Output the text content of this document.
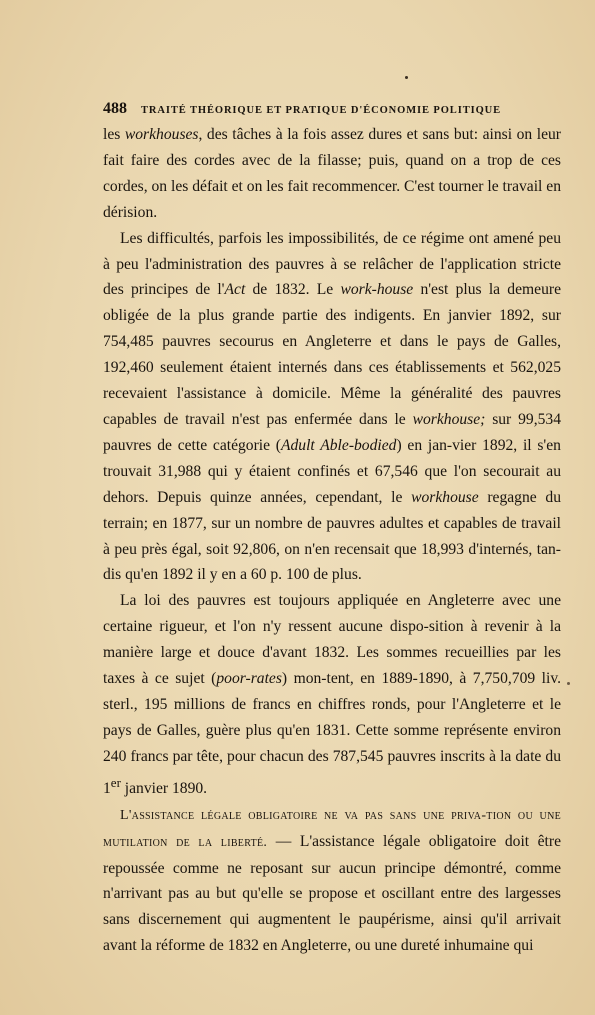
488 TRAITÉ THÉORIQUE ET PRATIQUE D'ÉCONOMIE POLITIQUE

les workhouses, des tâches à la fois assez dures et sans but: ainsi on leur fait faire des cordes avec de la filasse; puis, quand on a trop de ces cordes, on les défait et on les fait recommencer. C'est tourner le travail en dérision.

Les difficultés, parfois les impossibilités, de ce régime ont amené peu à peu l'administration des pauvres à se relâcher de l'application stricte des principes de l'Act de 1832. Le work-house n'est plus la demeure obligée de la plus grande partie des indigents. En janvier 1892, sur 754,485 pauvres secourus en Angleterre et dans le pays de Galles, 192,460 seulement étaient internés dans ces établissements et 562,025 recevaient l'assistance à domicile. Même la généralité des pauvres capables de travail n'est pas enfermée dans le workhouse; sur 99,534 pauvres de cette catégorie (Adult Able-bodied) en jan-vier 1892, il s'en trouvait 31,988 qui y étaient confinés et 67,546 que l'on secourait au dehors. Depuis quinze années, cependant, le workhouse regagne du terrain; en 1877, sur un nombre de pauvres adultes et capables de travail à peu près égal, soit 92,806, on n'en recensait que 18,993 d'internés, tan-dis qu'en 1892 il y en a 60 p. 100 de plus.

La loi des pauvres est toujours appliquée en Angleterre avec une certaine rigueur, et l'on n'y ressent aucune dispo-sition à revenir à la manière large et douce d'avant 1832. Les sommes recueillies par les taxes à ce sujet (poor-rates) mon-tent, en 1889-1890, à 7,750,709 liv. sterl., 195 millions de francs en chiffres ronds, pour l'Angleterre et le pays de Galles, guère plus qu'en 1831. Cette somme représente environ 240 francs par tête, pour chacun des 787,545 pauvres inscrits à la date du 1er janvier 1890.

L'assistance légale obligatoire ne va pas sans une priva-tion ou une mutilation de la liberté. — L'assistance légale obligatoire doit être repoussée comme ne reposant sur aucun principe démontré, comme n'arrivant pas au but qu'elle se propose et oscillant entre des largesses sans discernement qui augmentent le paupérisme, ainsi qu'il arrivait avant la réforme de 1832 en Angleterre, ou une dureté inhumaine qui
